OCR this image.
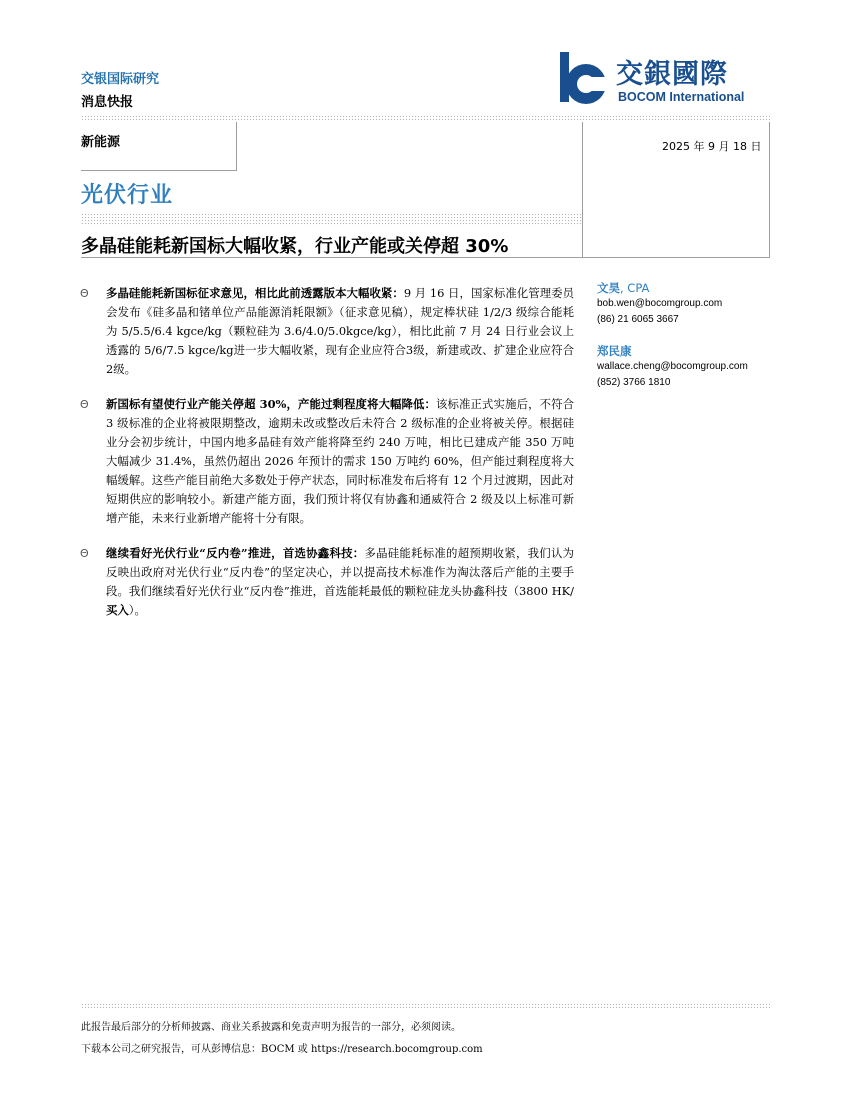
交银国际研究
消息快报
交銀國際
BOCOM International
新能源	2025 年 9 月 18 日
光伏行业
多晶硅能耗新国标大幅收紧，行业产能或关停超 30%
Θ 多晶硅能耗新国标征求意见，相比此前透露版本大幅收紧：9 月 16 日，国家标准化管理委员会发布《硅多晶和锗单位产品能源消耗限额》（征求意见稿），规定棒状硅 1/2/3 级综合能耗为 5/5.5/6.4 kgce/kg（颗粒硅为 3.6/4.0/5.0kgce/kg），相比此前 7 月 24 日行业会议上透露的 5/6/7.5 kgce/kg进一步大幅收紧，现有企业应符合3级，新建或改、扩建企业应符合2级。
Θ 新国标有望使行业产能关停超 30%，产能过剩程度将大幅降低：该标准正式实施后，不符合 3 级标准的企业将被限期整改，逾期未改或整改后未符合 2 级标准的企业将被关停。根据硅业分会初步统计，中国内地多晶硅有效产能将降至约 240 万吨，相比已建成产能 350 万吨大幅减少 31.4%，虽然仍超出 2026 年预计的需求 150 万吨约 60%，但产能过剩程度将大幅缓解。这些产能目前绝大多数处于停产状态，同时标准发布后将有 12 个月过渡期，因此对短期供应的影响较小。新建产能方面，我们预计将仅有协鑫和通威符合 2 级及以上标准可新增产能，未来行业新增产能将十分有限。
Θ 继续看好光伏行业“反内卷”推进，首选协鑫科技：多晶硅能耗标准的超预期收紧，我们认为反映出政府对光伏行业“反内卷”的坚定决心，并以提高技术标准作为淘汰落后产能的主要手段。我们继续看好光伏行业“反内卷”推进，首选能耗最低的颗粒硅龙头协鑫科技（3800 HK/买入）。
文昊, CPA
bob.wen@bocomgroup.com
(86) 21 6065 3667
郑民康
wallace.cheng@bocomgroup.com
(852) 3766 1810
此报告最后部分的分析师披露、商业关系披露和免责声明为报告的一部分，必须阅读。
下载本公司之研究报告，可从彭博信息：BOCM 或 https://research.bocomgroup.com
